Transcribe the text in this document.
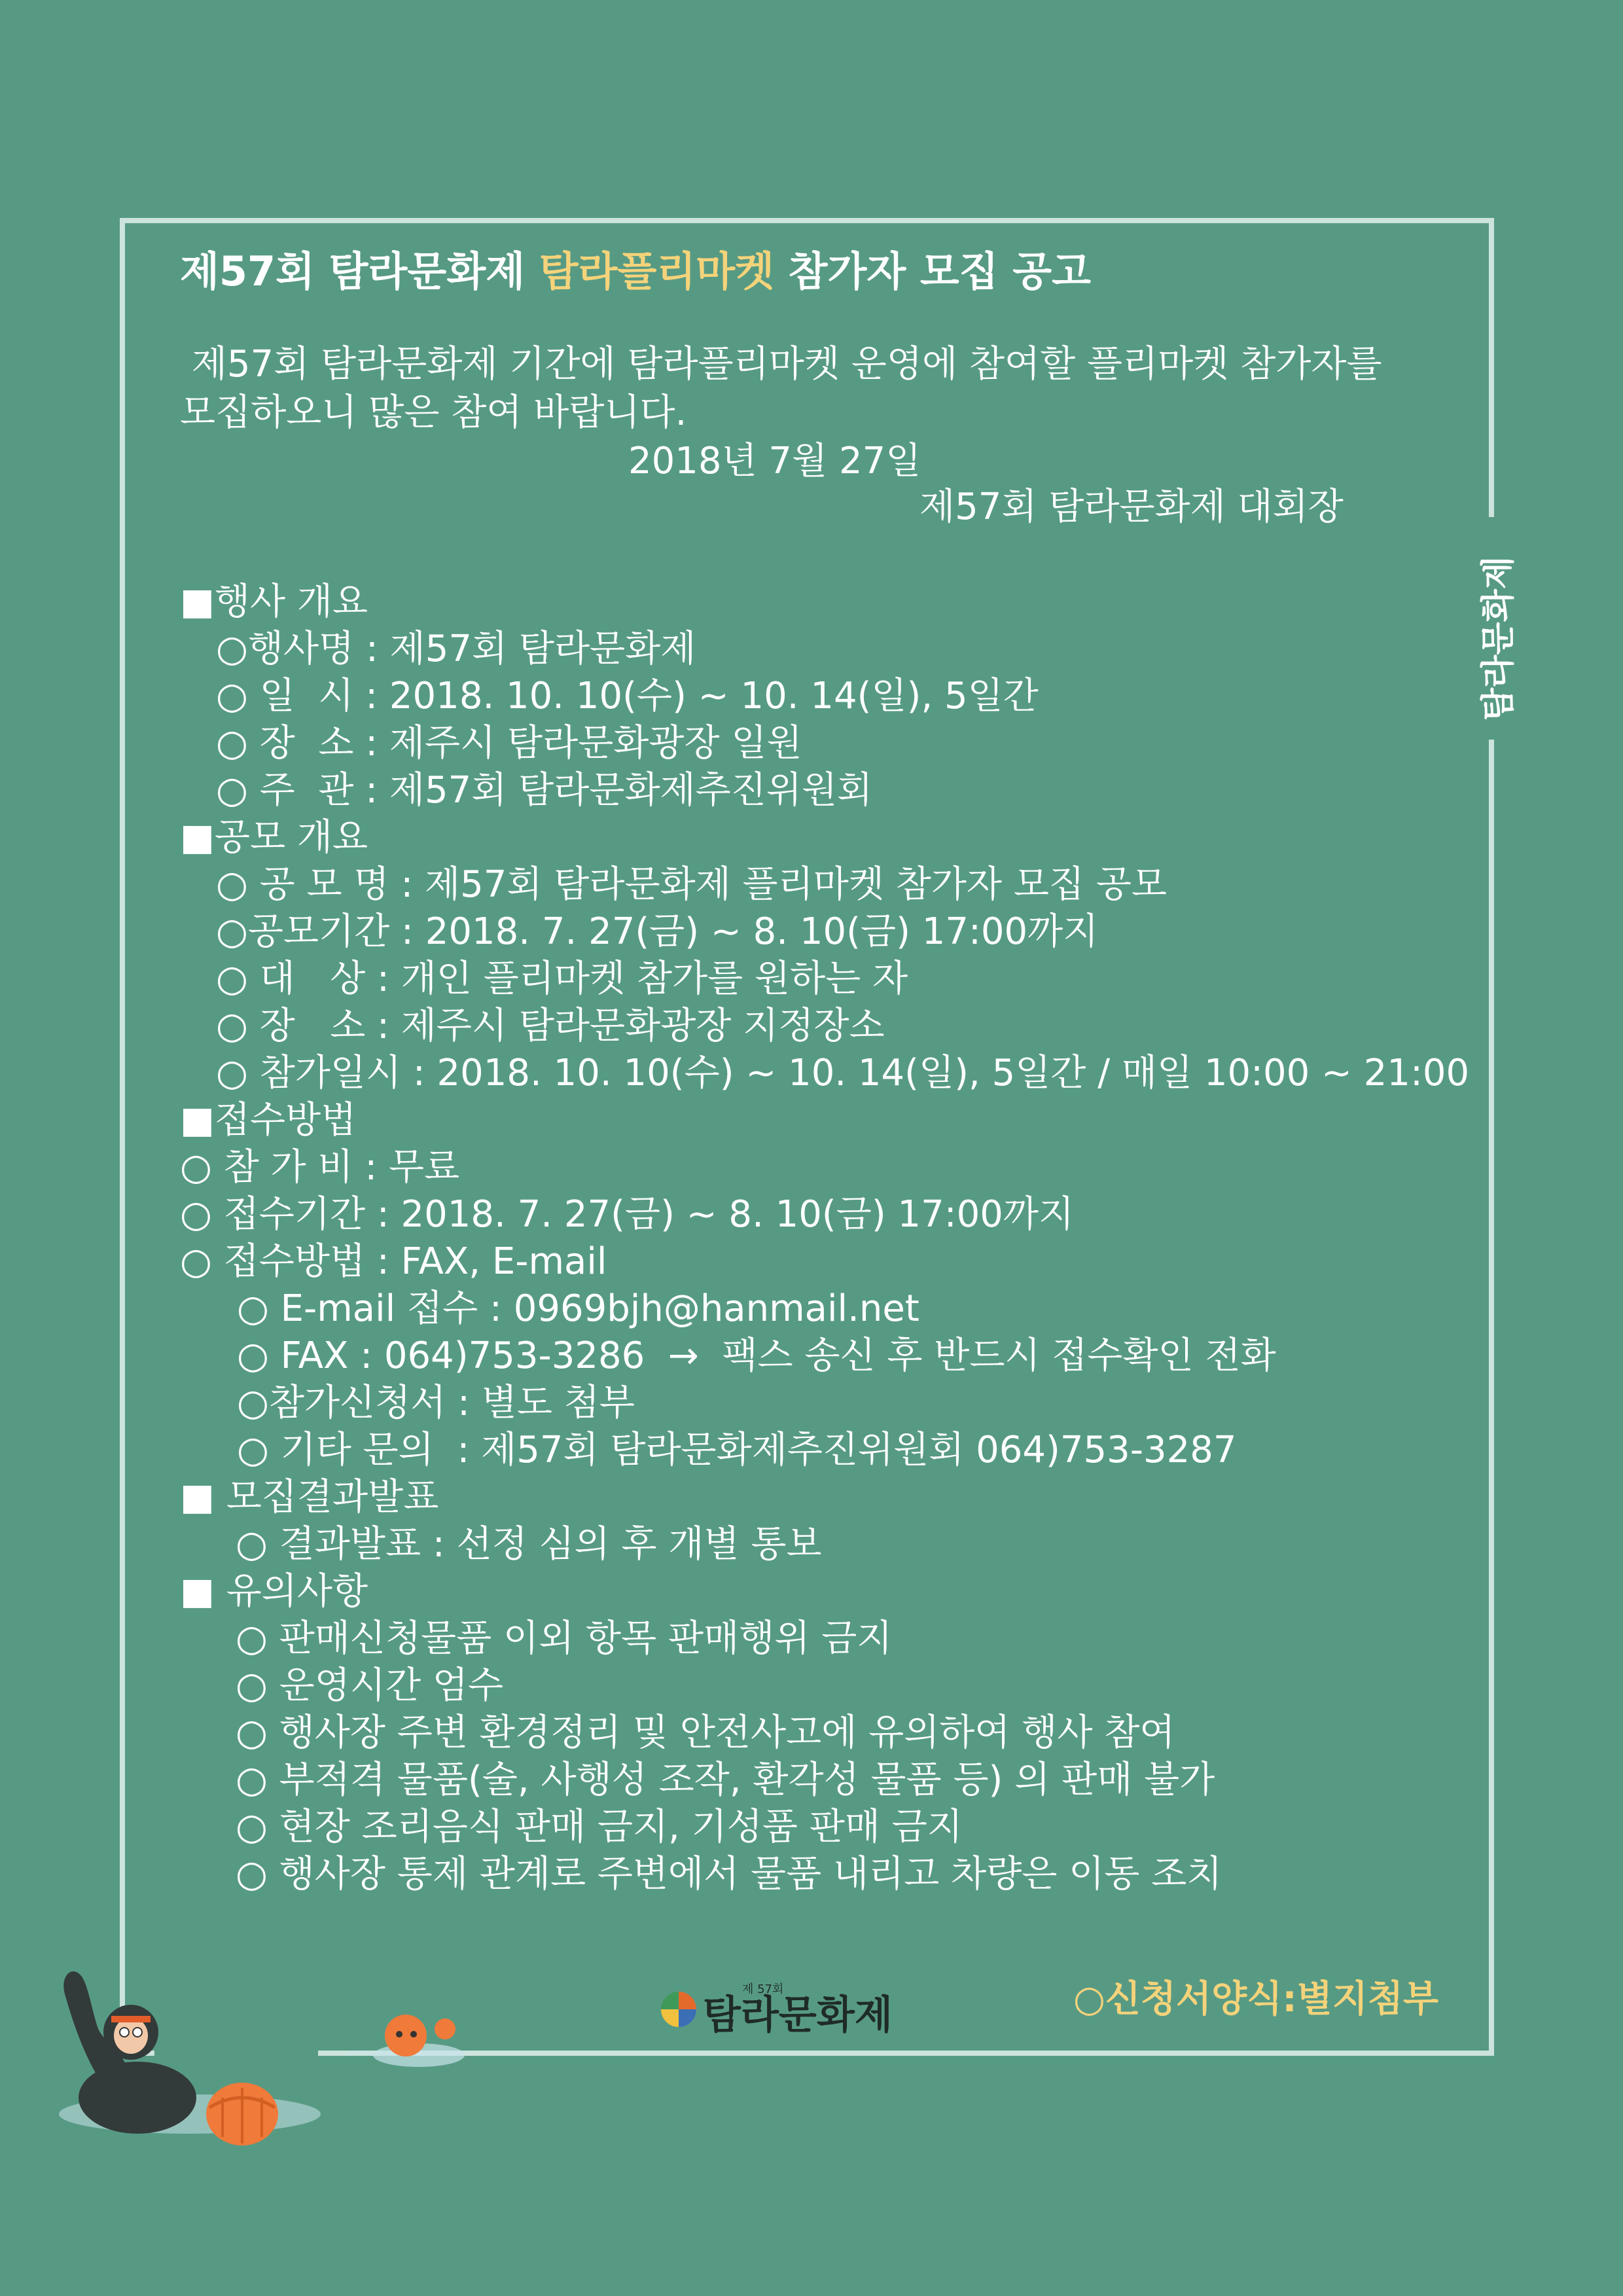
탐라문화제
제57회 탐라문화제 탐라플리마켓 참가자 모집 공고
제57회 탐라문화제 기간에 탐라플리마켓 운영에 참여할 플리마켓 참가자를
모집하오니 많은 참여 바랍니다.
2018년 7월 27일
제57회 탐라문화제 대회장
■행사 개요
○행사명 : 제57회 탐라문화제
○ 일  시 : 2018. 10. 10(수) ~ 10. 14(일), 5일간
○ 장  소 : 제주시 탐라문화광장 일원
○ 주  관 : 제57회 탐라문화제추진위원회
■공모 개요
○ 공 모 명 : 제57회 탐라문화제 플리마켓 참가자 모집 공모
○공모기간 : 2018. 7. 27(금) ~ 8. 10(금) 17:00까지
○ 대   상 : 개인 플리마켓 참가를 원하는 자
○ 장   소 : 제주시 탐라문화광장 지정장소
○ 참가일시 : 2018. 10. 10(수) ~ 10. 14(일), 5일간 / 매일 10:00 ~ 21:00
■접수방법
○ 참 가 비 : 무료
○ 접수기간 : 2018. 7. 27(금) ~ 8. 10(금) 17:00까지
○ 접수방법 : FAX, E-mail
○ E-mail 접수 : 0969bjh@hanmail.net
○ FAX : 064)753-3286  →  팩스 송신 후 반드시 접수확인 전화
○참가신청서 : 별도 첨부
○ 기타 문의  : 제57회 탐라문화제추진위원회 064)753-3287
■ 모집결과발표
○ 결과발표 : 선정 심의 후 개별 통보
■ 유의사항
○ 판매신청물품 이외 항목 판매행위 금지
○ 운영시간 엄수
○ 행사장 주변 환경정리 및 안전사고에 유의하여 행사 참여
○ 부적격 물품(술, 사행성 조작, 환각성 물품 등) 의 판매 불가
○ 현장 조리음식 판매 금지, 기성품 판매 금지
○ 행사장 통제 관계로 주변에서 물품 내리고 차량은 이동 조치
제 57회
탐라문화제	○신청서양식:별지첨부
